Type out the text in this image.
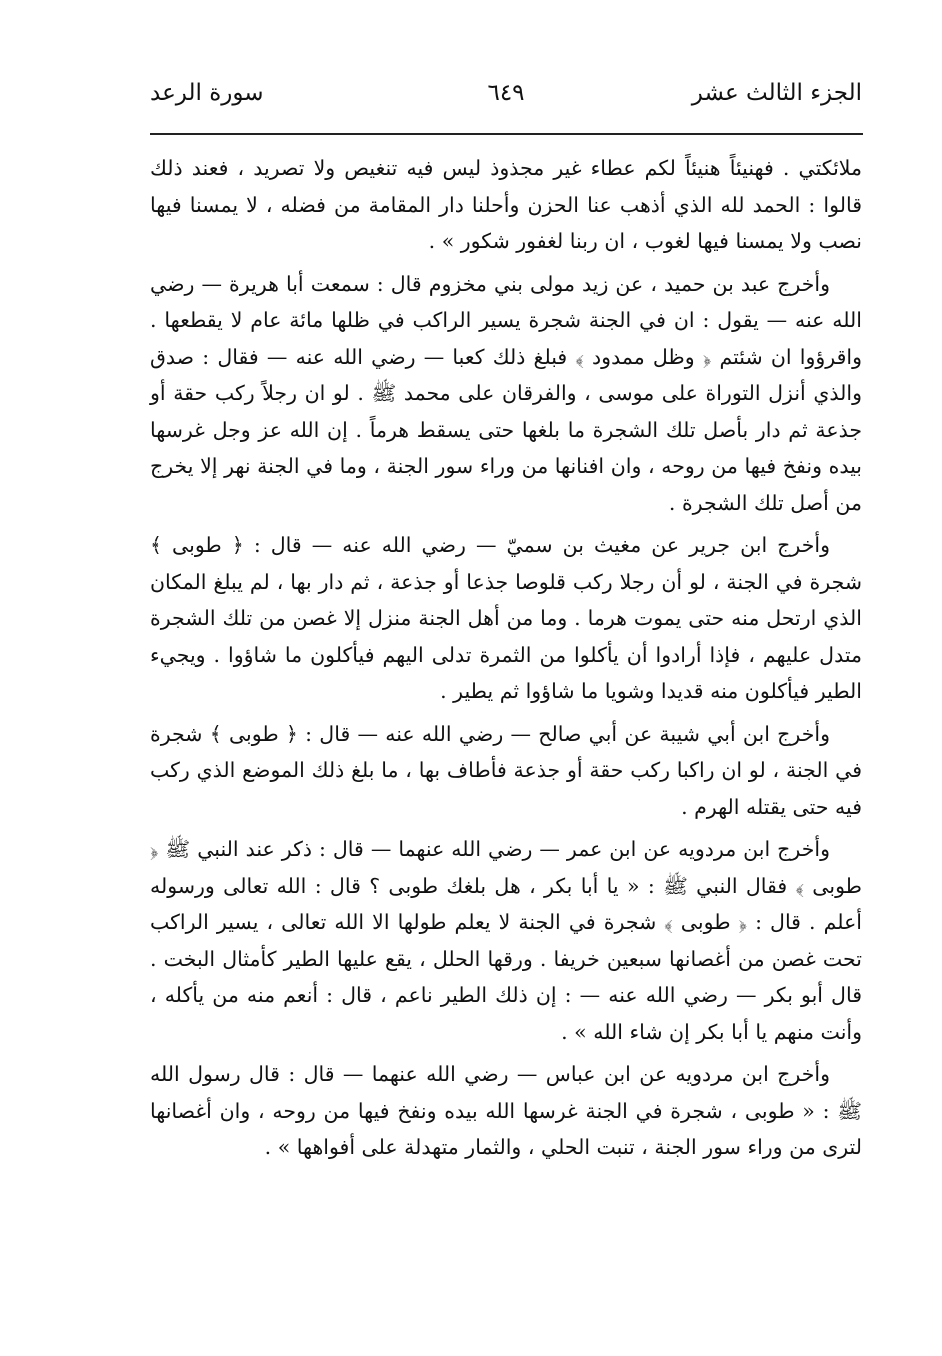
الجزء الثالث عشر
٦٤٩
سورة الرعد

ملائكتي . فهنيئاً هنيئاً لكم عطاء غير مجذوذ ليس فيه تنغيص ولا تصريد ، فعند ذلك قالوا : الحمد لله الذي أذهب عنا الحزن وأحلنا دار المقامة من فضله ، لا يمسنا فيها نصب ولا يمسنا فيها لغوب ، ان ربنا لغفور شكور » .

وأخرج عبد بن حميد ، عن زيد مولى بني مخزوم قال : سمعت أبا هريرة — رضي الله عنه — يقول : ان في الجنة شجرة يسير الراكب في ظلها مائة عام لا يقطعها . واقرؤوا ان شئتم ﴿ وظل ممدود ﴾ فبلغ ذلك كعبا — رضي الله عنه — فقال : صدق والذي أنزل التوراة على موسى ، والفرقان على محمد ﷺ . لو ان رجلاً ركب حقة أو جذعة ثم دار بأصل تلك الشجرة ما بلغها حتى يسقط هرماً . إن الله عز وجل غرسها بيده ونفخ فيها من روحه ، وان افنانها من وراء سور الجنة ، وما في الجنة نهر إلا يخرج من أصل تلك الشجرة .

وأخرج ابن جرير عن مغيث بن سميّ — رضي الله عنه — قال : ﴿ طوبى ﴾ شجرة في الجنة ، لو أن رجلا ركب قلوصا جذعا أو جذعة ، ثم دار بها ، لم يبلغ المكان الذي ارتحل منه حتى يموت هرما . وما من أهل الجنة منزل إلا غصن من تلك الشجرة متدل عليهم ، فإذا أرادوا أن يأكلوا من الثمرة تدلى اليهم فيأكلون ما شاؤوا . ويجيء الطير فيأكلون منه قديدا وشويا ما شاؤوا ثم يطير .

وأخرج ابن أبي شيبة عن أبي صالح — رضي الله عنه — قال : ﴿ طوبى ﴾ شجرة في الجنة ، لو ان راكبا ركب حقة أو جذعة فأطاف بها ، ما بلغ ذلك الموضع الذي ركب فيه حتى يقتله الهرم .

وأخرج ابن مردويه عن ابن عمر — رضي الله عنهما — قال : ذكر عند النبي ﷺ ﴿ طوبى ﴾ فقال النبي ﷺ : « يا أبا بكر ، هل بلغك طوبى ؟ قال : الله تعالى ورسوله أعلم . قال : ﴿ طوبى ﴾ شجرة في الجنة لا يعلم طولها الا الله تعالى ، يسير الراكب تحت غصن من أغصانها سبعين خريفا . ورقها الحلل ، يقع عليها الطير كأمثال البخت . قال أبو بكر — رضي الله عنه — : إن ذلك الطير ناعم ، قال : أنعم منه من يأكله ، وأنت منهم يا أبا بكر إن شاء الله » .

وأخرج ابن مردويه عن ابن عباس — رضي الله عنهما — قال : قال رسول الله ﷺ : « طوبى ، شجرة في الجنة غرسها الله بيده ونفخ فيها من روحه ، وان أغصانها لترى من وراء سور الجنة ، تنبت الحلي ، والثمار متهدلة على أفواهها » .
